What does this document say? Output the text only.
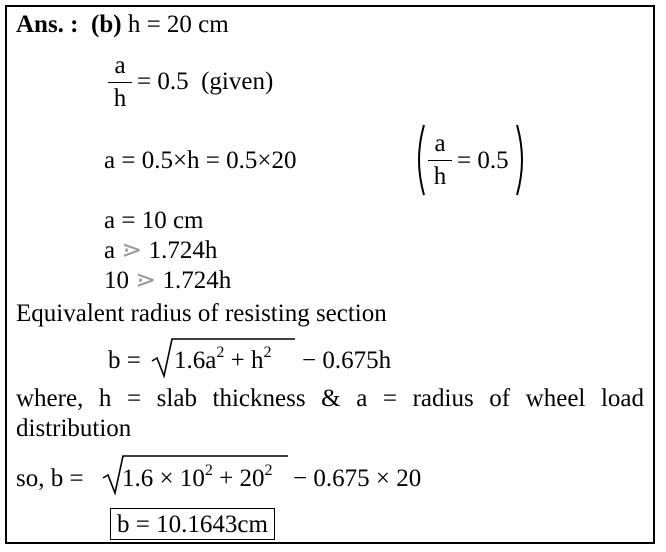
Ans. : (b) h = 20 cm
a
h
= 0.5 (given)
a = 0.5×h = 0.5×20
a
h
= 0.5
a = 10 cm
a ⋗ 1.724h
10 ⋗ 1.724h
Equivalent radius of resisting section
$b = 1.6a^2 + h^2 - 0.675h$
where, h = slab thickness & a = radius of wheel load
distribution
so, $b = 1.6 \times 10^2 + 20^2 - 0.675 \times 20$
b = 10.1643cm
